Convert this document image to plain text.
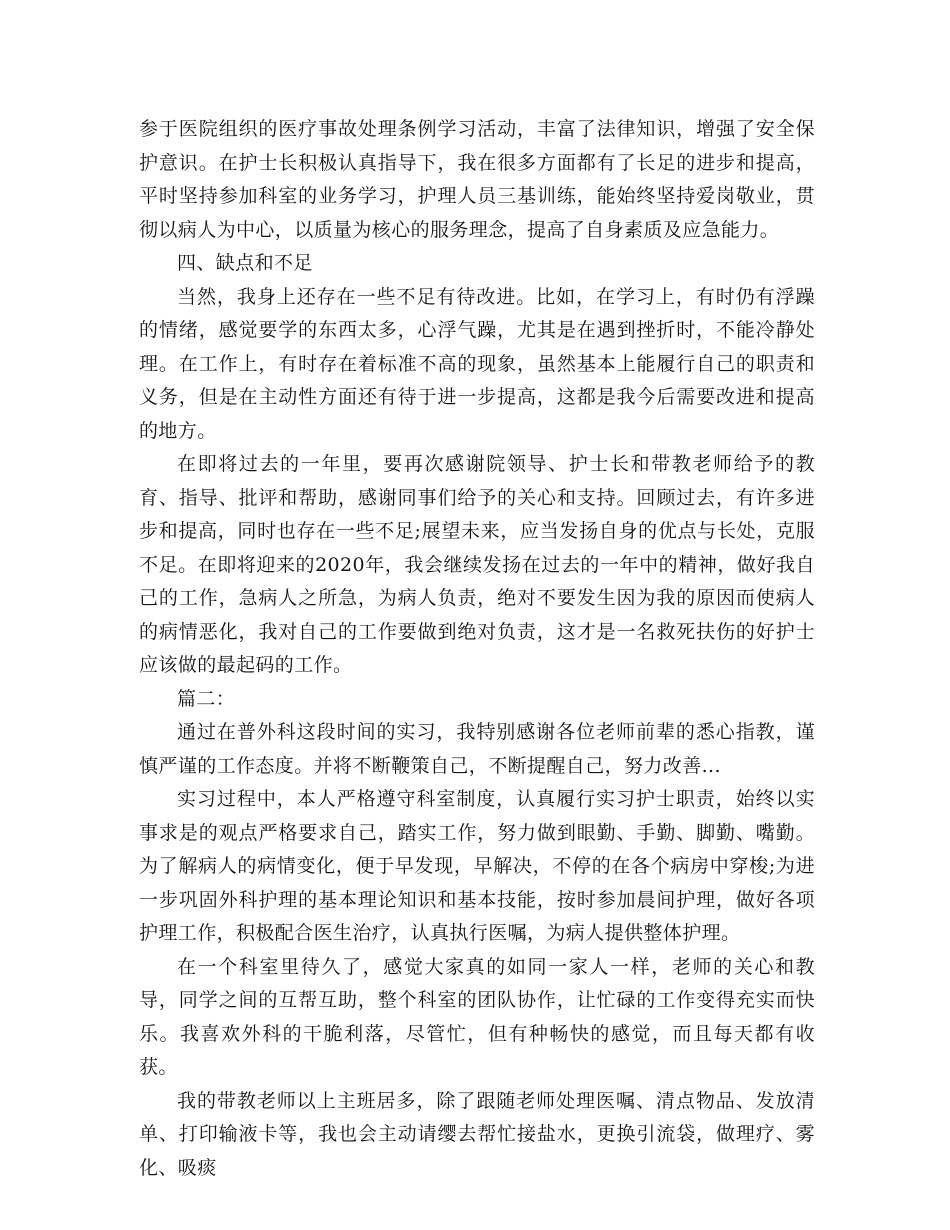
参于医院组织的医疗事故处理条例学习活动，丰富了法律知识，增强了安全保护意识。在护士长积极认真指导下，我在很多方面都有了长足的进步和提高，平时坚持参加科室的业务学习，护理人员三基训练，能始终坚持爱岗敬业，贯彻以病人为中心，以质量为核心的服务理念，提高了自身素质及应急能力。

四、缺点和不足

当然，我身上还存在一些不足有待改进。比如，在学习上，有时仍有浮躁的情绪，感觉要学的东西太多，心浮气躁，尤其是在遇到挫折时，不能冷静处理。在工作上，有时存在着标准不高的现象，虽然基本上能履行自己的职责和义务，但是在主动性方面还有待于进一步提高，这都是我今后需要改进和提高的地方。

在即将过去的一年里，要再次感谢院领导、护士长和带教老师给予的教育、指导、批评和帮助，感谢同事们给予的关心和支持。回顾过去，有许多进步和提高，同时也存在一些不足;展望未来，应当发扬自身的优点与长处，克服不足。在即将迎来的2020年，我会继续发扬在过去的一年中的精神，做好我自己的工作，急病人之所急，为病人负责，绝对不要发生因为我的原因而使病人的病情恶化，我对自己的工作要做到绝对负责，这才是一名救死扶伤的好护士应该做的最起码的工作。

篇二：

通过在普外科这段时间的实习，我特别感谢各位老师前辈的悉心指教，谨慎严谨的工作态度。并将不断鞭策自己，不断提醒自己，努力改善...

实习过程中，本人严格遵守科室制度，认真履行实习护士职责，始终以实事求是的观点严格要求自己，踏实工作，努力做到眼勤、手勤、脚勤、嘴勤。为了解病人的病情变化，便于早发现，早解决，不停的在各个病房中穿梭;为进一步巩固外科护理的基本理论知识和基本技能，按时参加晨间护理，做好各项护理工作，积极配合医生治疗，认真执行医嘱，为病人提供整体护理。

在一个科室里待久了，感觉大家真的如同一家人一样，老师的关心和教导，同学之间的互帮互助，整个科室的团队协作，让忙碌的工作变得充实而快乐。我喜欢外科的干脆利落，尽管忙，但有种畅快的感觉，而且每天都有收获。

我的带教老师以上主班居多，除了跟随老师处理医嘱、清点物品、发放清单、打印输液卡等，我也会主动请缨去帮忙接盐水，更换引流袋，做理疗、雾化、吸痰
